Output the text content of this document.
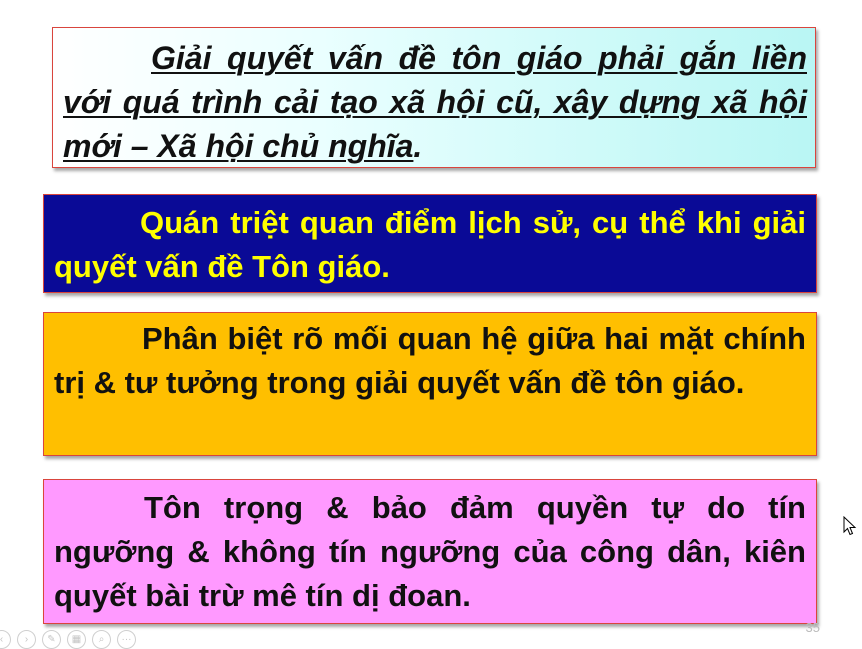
Giải quyết vấn đề tôn giáo phải gắn liền với quá trình cải tạo xã hội cũ, xây dựng xã hội mới – Xã hội chủ nghĩa.
Quán triệt quan điểm lịch sử, cụ thể khi giải quyết vấn đề Tôn giáo.
Phân biệt rõ mối quan hệ giữa hai mặt chính trị & tư tưởng trong giải quyết vấn đề tôn giáo.
Tôn trọng & bảo đảm quyền tự do tín ngưỡng & không tín ngưỡng của công dân, kiên quyết bài trừ mê tín dị đoan.
35
‹ › ✎ ▦ ⌕ ···
